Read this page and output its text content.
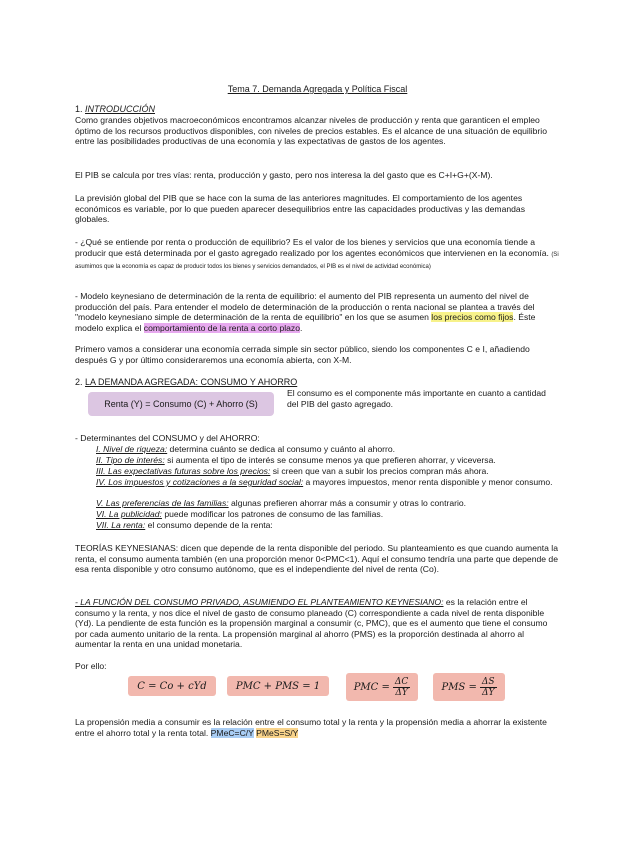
Tema 7. Demanda Agregada y Política Fiscal
1. INTRODUCCIÓN
Como grandes objetivos macroeconómicos encontramos alcanzar niveles de producción y renta que garanticen el empleo óptimo de los recursos productivos disponibles, con niveles de precios estables. Es el alcance de una situación de equilibrio entre las posibilidades productivas de una economía y las expectativas de gastos de los agentes.
El PIB se calcula por tres vías: renta, producción y gasto, pero nos interesa la del gasto que es C+I+G+(X-M).
La previsión global del PIB que se hace con la suma de las anteriores magnitudes. El comportamiento de los agentes económicos es variable, por lo que pueden aparecer desequilibrios entre las capacidades productivas y las demandas globales.
- ¿Qué se entiende por renta o producción de equilibrio? Es el valor de los bienes y servicios que una economía tiende a producir que está determinada por el gasto agregado realizado por los agentes económicos que intervienen en la economía. (Si asumimos que la economía es capaz de producir todos los bienes y servicios demandados, el PIB es el nivel de actividad económica)
- Modelo keynesiano de determinación de la renta de equilibrio: el aumento del PIB representa un aumento del nivel de producción del país. Para entender el modelo de determinación de la producción o renta nacional se plantea a través del "modelo keynesiano simple de determinación de la renta de equilibrio" en los que se asumen los precios como fijos. Éste modelo explica el comportamiento de la renta a corto plazo.
Primero vamos a considerar una economía cerrada simple sin sector público, siendo los componentes C e I, añadiendo después G y por último consideraremos una economía abierta, con X-M.
2. LA DEMANDA AGREGADA: CONSUMO Y AHORRO
Renta (Y) = Consumo (C) + Ahorro (S)
El consumo es el componente más importante en cuanto a cantidad del PIB del gasto agregado.
- Determinantes del CONSUMO y del AHORRO:
I. Nivel de riqueza: determina cuánto se dedica al consumo y cuánto al ahorro.
II. Tipo de interés: si aumenta el tipo de interés se consume menos ya que prefieren ahorrar, y viceversa.
III. Las expectativas futuras sobre los precios: si creen que van a subir los precios compran más ahora.
IV. Los impuestos y cotizaciones a la seguridad social: a mayores impuestos, menor renta disponible y menor consumo.
V. Las preferencias de las familias: algunas prefieren ahorrar más a consumir y otras lo contrario.
VI. La publicidad: puede modificar los patrones de consumo de las familias.
VII. La renta: el consumo depende de la renta:
TEORÍAS KEYNESIANAS: dicen que depende de la renta disponible del periodo. Su planteamiento es que cuando aumenta la renta, el consumo aumenta también (en una proporción menor 0<PMC<1). Aquí el consumo tendría una parte que depende de esa renta disponible y otro consumo autónomo, que es el independiente del nivel de renta (Co).
- LA FUNCIÓN DEL CONSUMO PRIVADO, ASUMIENDO EL PLANTEAMIENTO KEYNESIANO: es la relación entre el consumo y la renta, y nos dice el nivel de gasto de consumo planeado (C) correspondiente a cada nivel de renta disponible (Yd). La pendiente de esta función es la propensión marginal a consumir (c, PMC), que es el aumento que tiene el consumo por cada aumento unitario de la renta. La propensión marginal al ahorro (PMS) es la proporción destinada al ahorro al aumentar la renta en una unidad monetaria.
Por ello:
C = Co + cYd	PMC + PMS = 1	PMC = $\frac{\Delta C}{\Delta Y}$	PMS = $\frac{\Delta S}{\Delta Y}$
La propensión media a consumir es la relación entre el consumo total y la renta y la propensión media a ahorrar la existente entre el ahorro total y la renta total. PMeC=C/Y PMeS=S/Y
